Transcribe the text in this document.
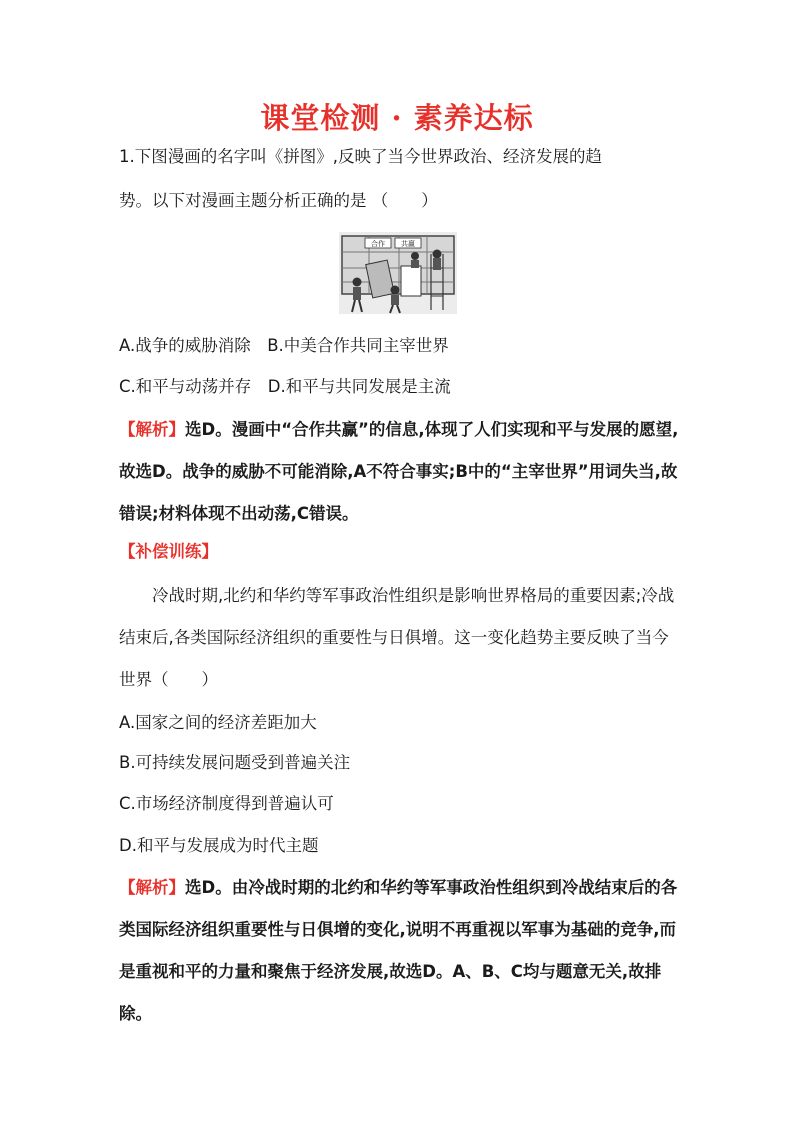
课堂检测 · 素养达标
1.下图漫画的名字叫《拼图》,反映了当今世界政治、经济发展的趋
势。以下对漫画主题分析正确的是 （　　）
合作 共赢
A.战争的威胁消除　B.中美合作共同主宰世界
C.和平与动荡并存　D.和平与共同发展是主流
【解析】选D。漫画中“合作共赢”的信息,体现了人们实现和平与发展的愿望,故选D。战争的威胁不可能消除,A不符合事实;B中的“主宰世界”用词失当,故错误;材料体现不出动荡,C错误。
【补偿训练】
冷战时期,北约和华约等军事政治性组织是影响世界格局的重要因素;冷战结束后,各类国际经济组织的重要性与日俱增。这一变化趋势主要反映了当今世界（　　）
A.国家之间的经济差距加大
B.可持续发展问题受到普遍关注
C.市场经济制度得到普遍认可
D.和平与发展成为时代主题
【解析】选D。由冷战时期的北约和华约等军事政治性组织到冷战结束后的各类国际经济组织重要性与日俱增的变化,说明不再重视以军事为基础的竞争,而是重视和平的力量和聚焦于经济发展,故选D。A、B、C均与题意无关,故排除。
